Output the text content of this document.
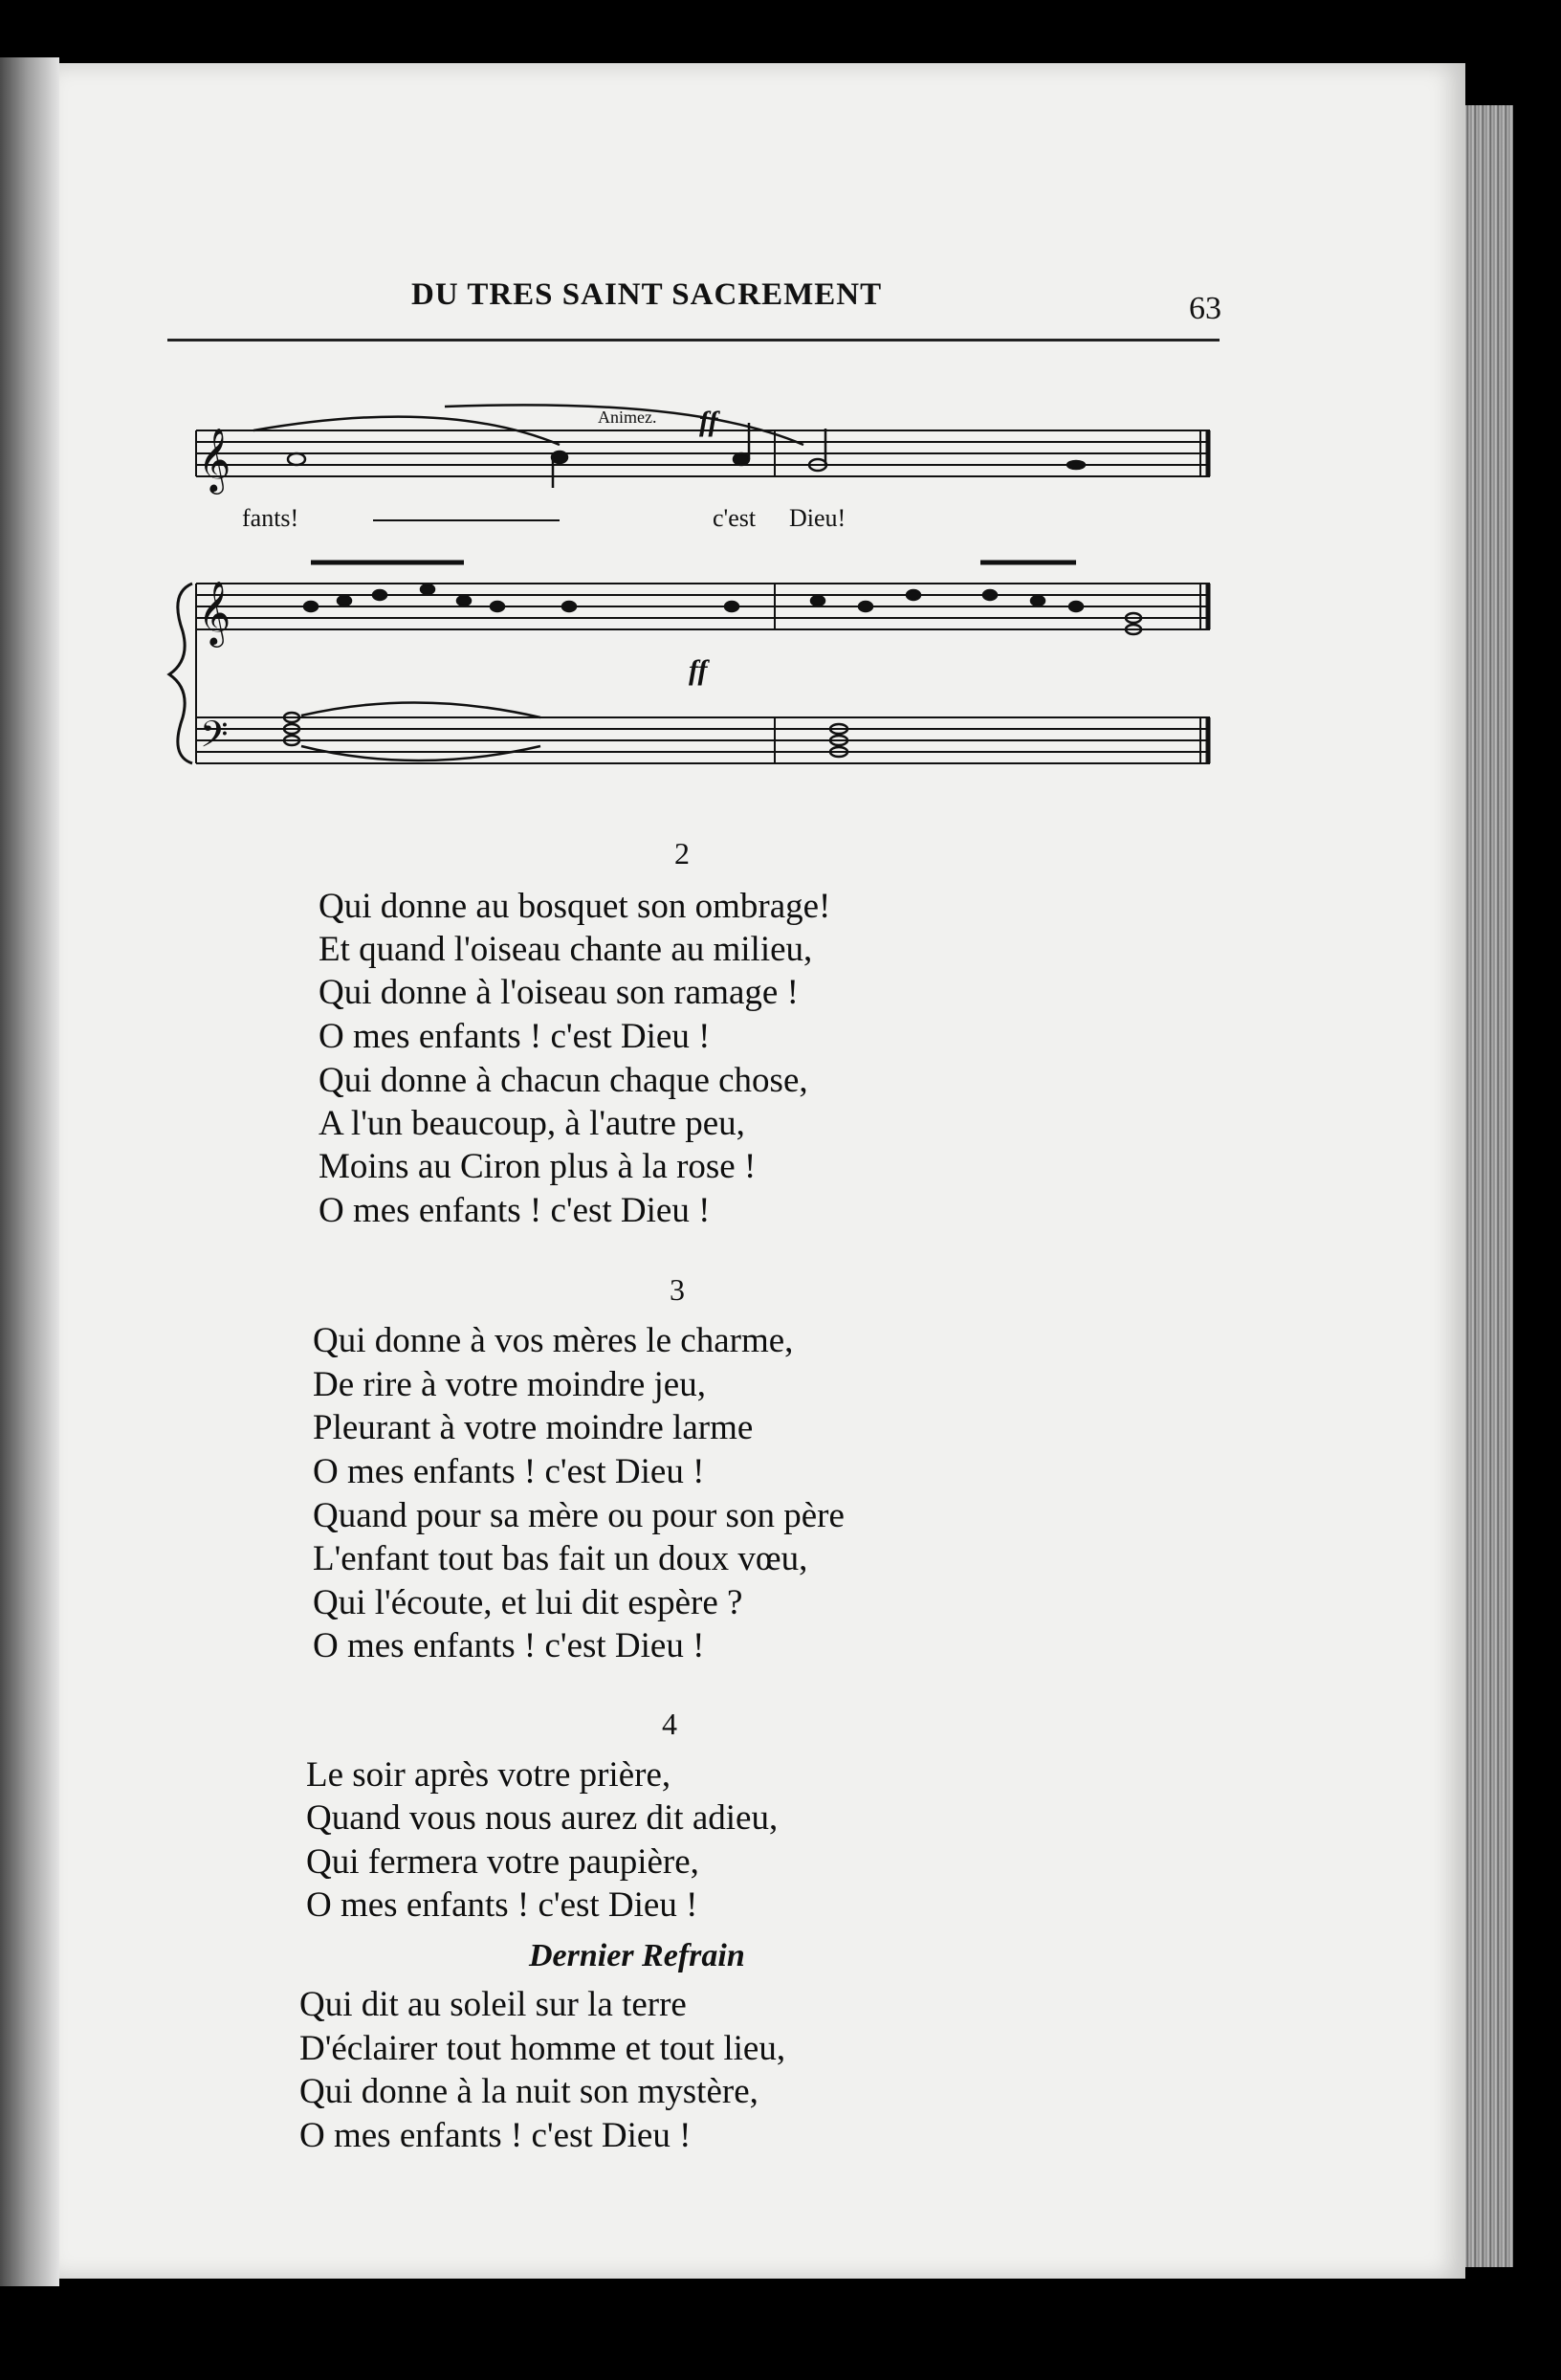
DU TRES SAINT SACREMENT	63
𝄞
Animez. ff
fants!	c'est Dieu!
𝄞
𝄢
ff
2
Qui donne au bosquet son ombrage!
Et quand l'oiseau chante au milieu,
Qui donne à l'oiseau son ramage !
O mes enfants ! c'est Dieu !
Qui donne à chacun chaque chose,
A l'un beaucoup, à l'autre peu,
Moins au Ciron plus à la rose !
O mes enfants ! c'est Dieu !
3
Qui donne à vos mères le charme,
De rire à votre moindre jeu,
Pleurant à votre moindre larme
O mes enfants ! c'est Dieu !
Quand pour sa mère ou pour son père
L'enfant tout bas fait un doux vœu,
Qui l'écoute, et lui dit espère ?
O mes enfants ! c'est Dieu !
4
Le soir après votre prière,
Quand vous nous aurez dit adieu,
Qui fermera votre paupière,
O mes enfants ! c'est Dieu !
Dernier Refrain
Qui dit au soleil sur la terre
D'éclairer tout homme et tout lieu,
Qui donne à la nuit son mystère,
O mes enfants ! c'est Dieu !
